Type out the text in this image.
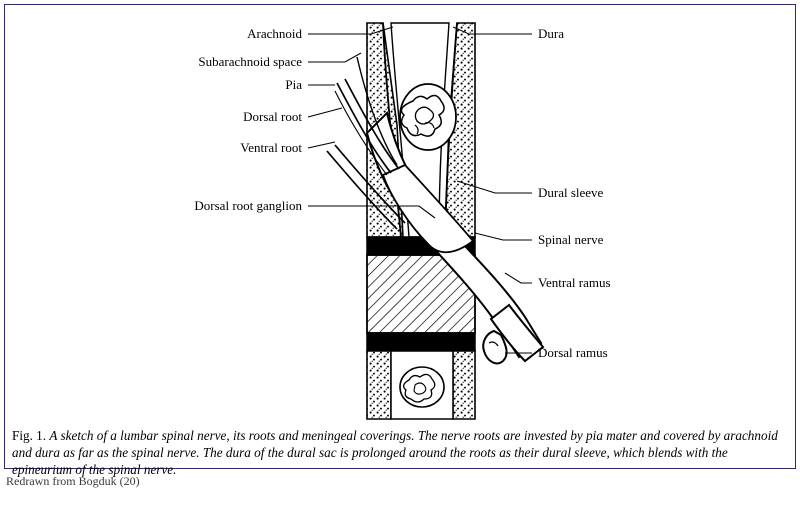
Arachnoid
Subarachnoid space
Pia
Dorsal root
Ventral root
Dorsal root ganglion
Dura
Dural sleeve
Spinal nerve
Ventral ramus
Dorsal ramus
Fig. 1. A sketch of a lumbar spinal nerve, its roots and meningeal coverings. The nerve roots are invested by pia mater and covered by arachnoid and dura as far as the spinal nerve. The dura of the dural sac is prolonged around the roots as their dural sleeve, which blends with the epineurium of the spinal nerve.
Redrawn from Bogduk (20)
